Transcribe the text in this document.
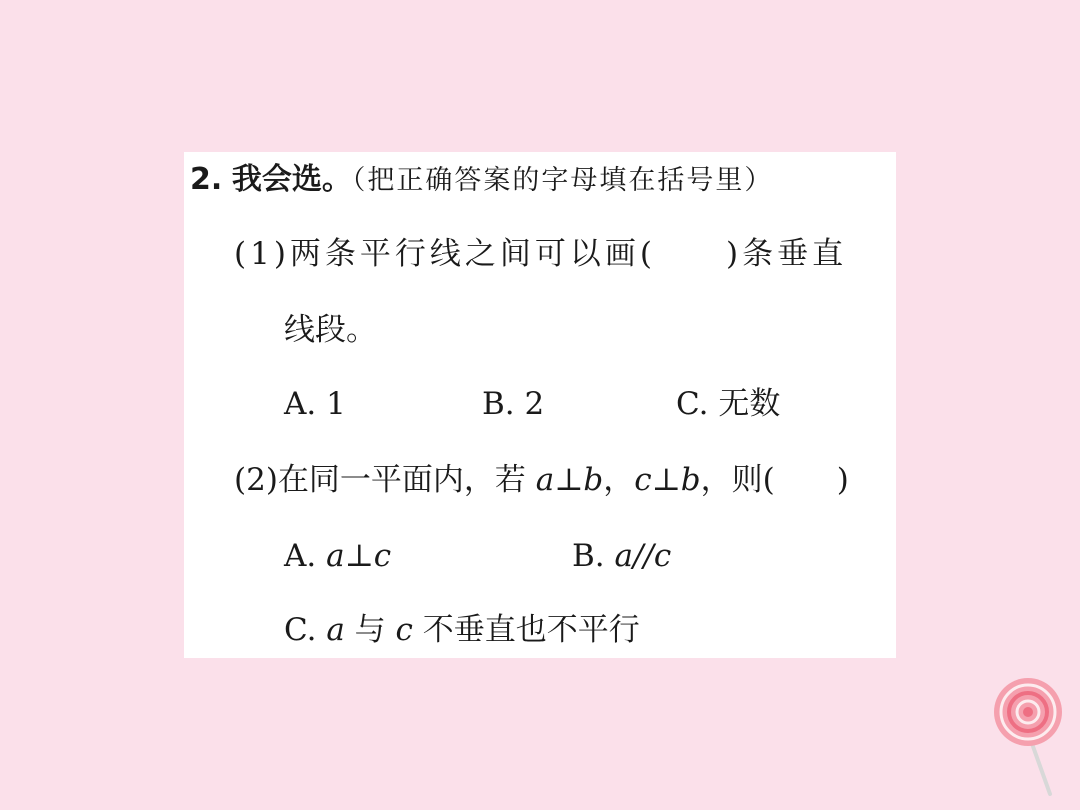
2. 我会选。（把正确答案的字母填在括号里）
(1)两条平行线之间可以画(　　)条垂直
线段。
A. 1	B. 2	C. 无数
(2)在同一平面内，若 a⊥b，c⊥b，则(　　)
A. a⊥c	B. a//c
C. a 与 c 不垂直也不平行
